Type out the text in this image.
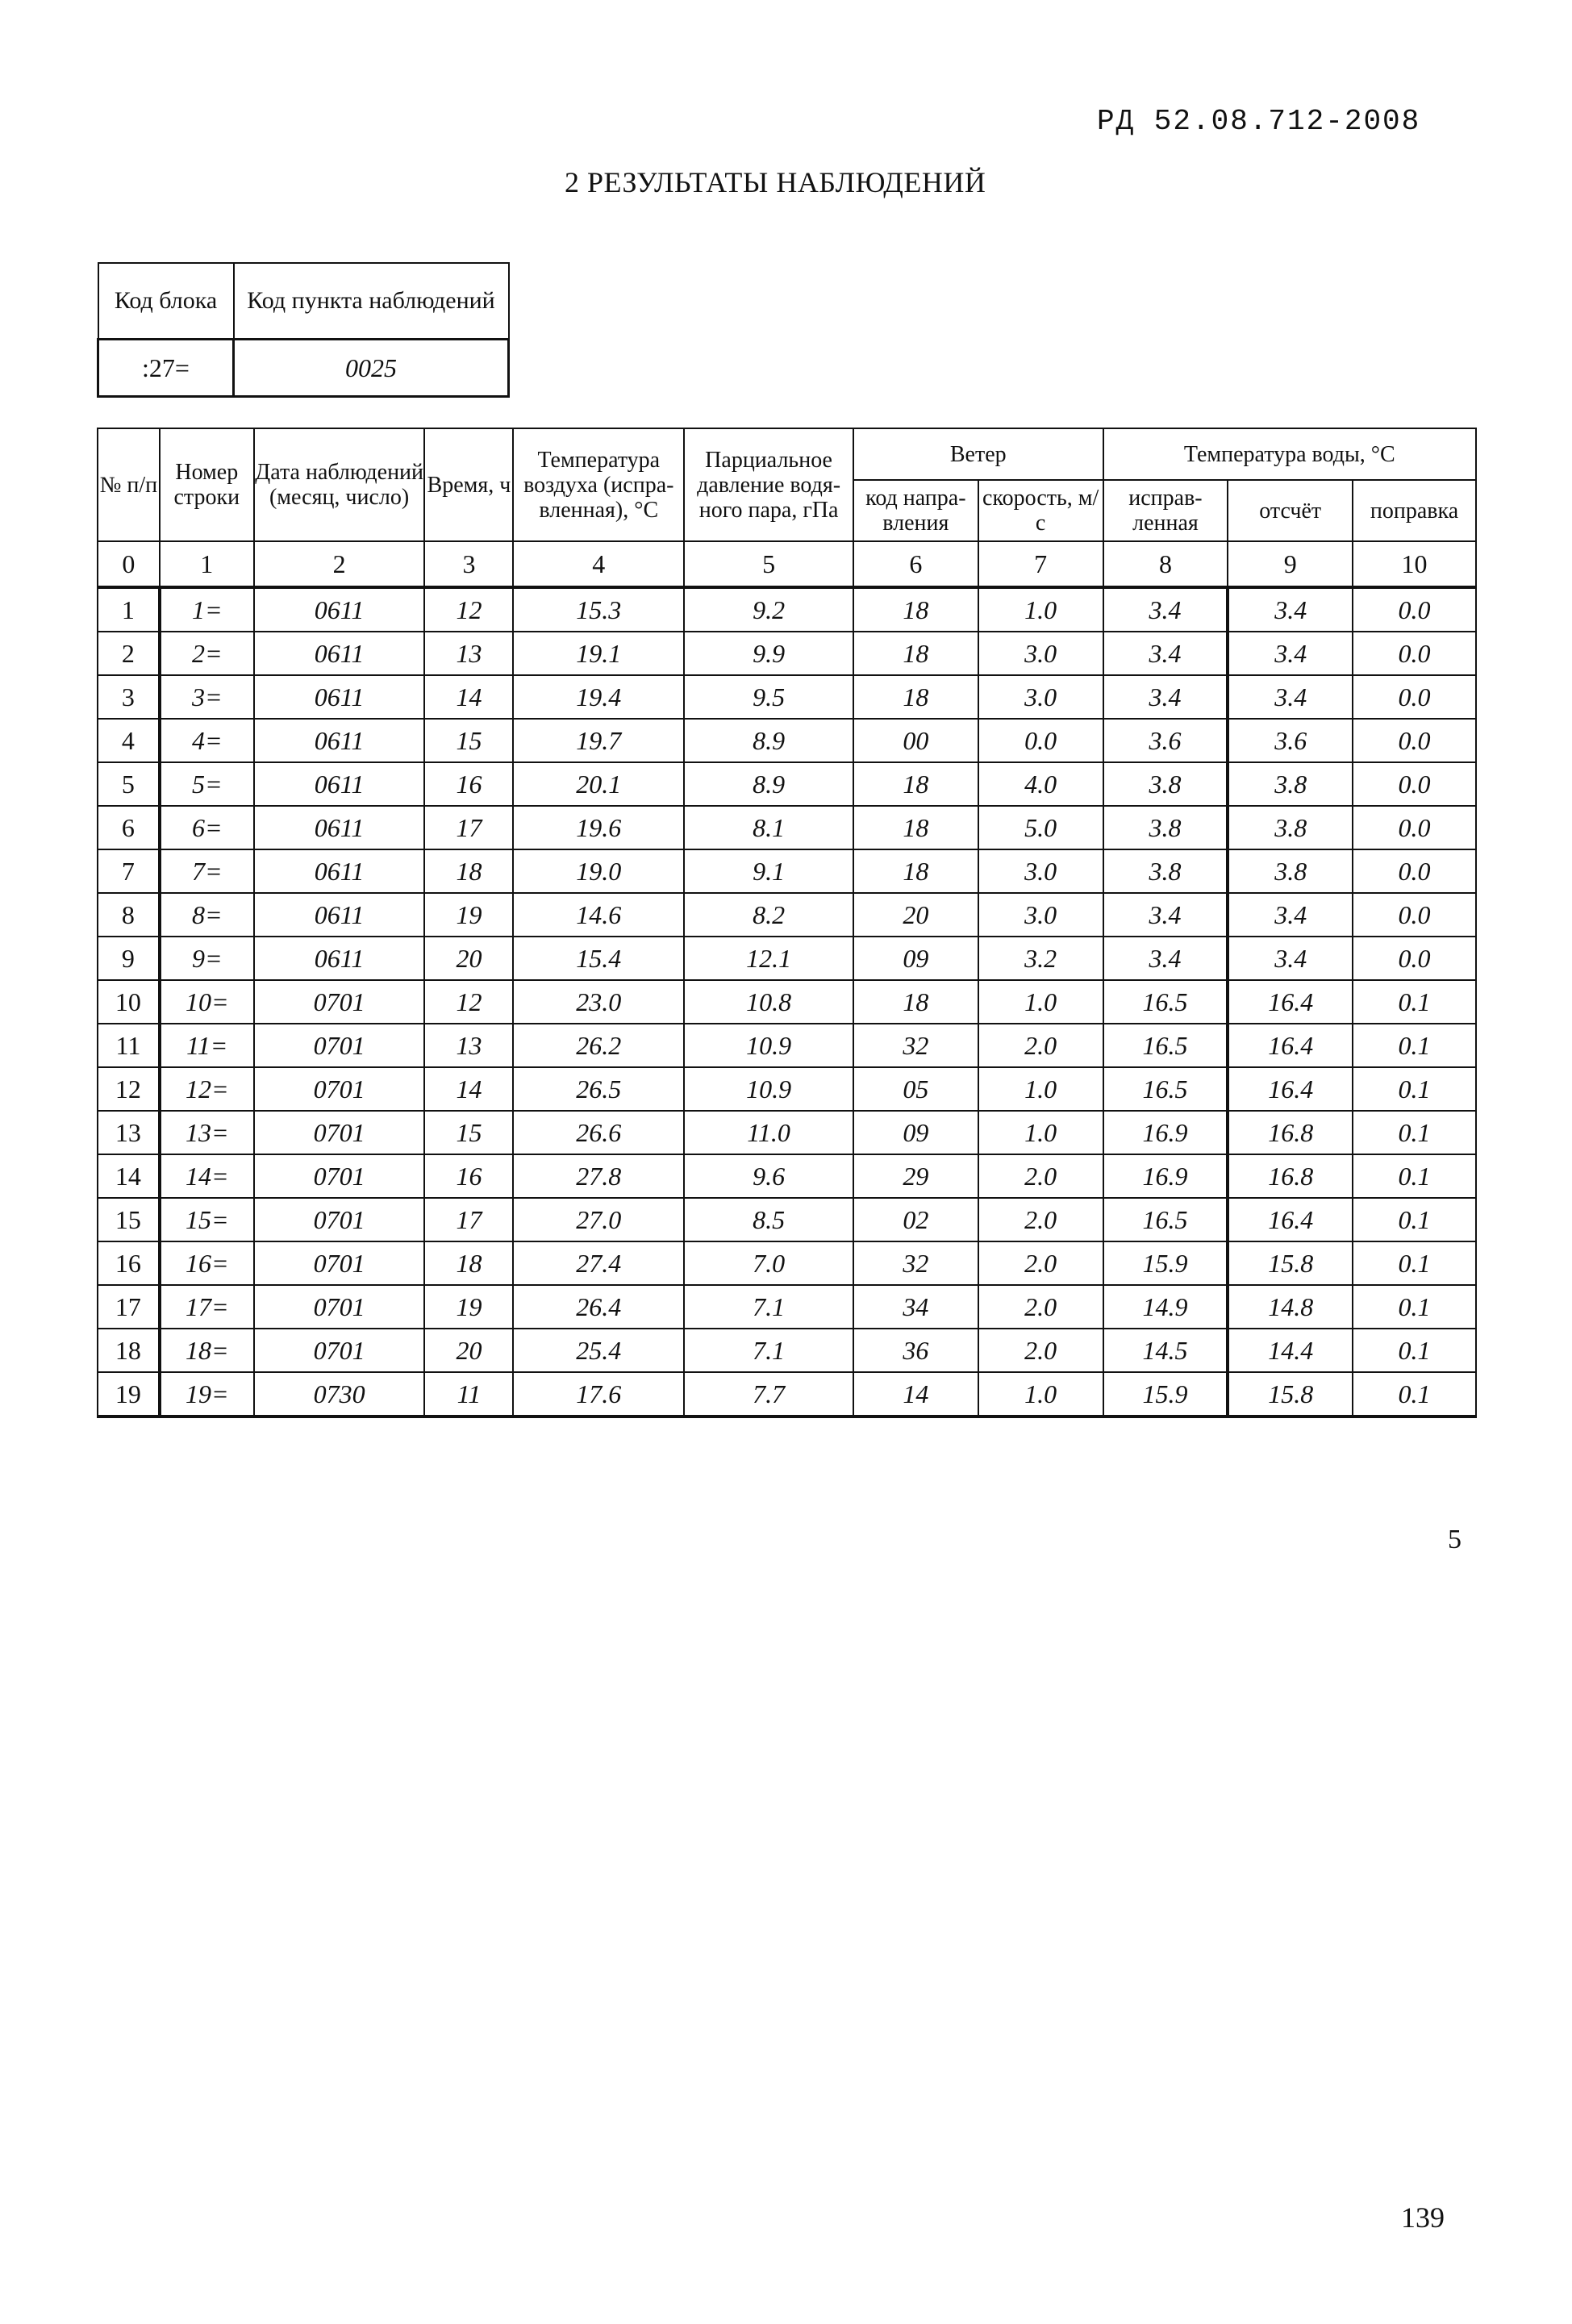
РД 52.08.712-2008
2 РЕЗУЛЬТАТЫ НАБЛЮДЕНИЙ
Код блока	Код пункта наблюдений
:27=	0025
№ п/п	Номер строки	Дата наблюдений (месяц, число)	Время, ч	Температура воздуха (испра-вленная), °С	Парциальное давление водя-ного пара, гПа	Ветер		Температура воды, °С		
						код напра-вления	скорость, м/с	исправ-ленная	отсчёт	поправка
0	1	2	3	4	5	6	7	8	9	10
1	1=	0611	12	15.3	9.2	18	1.0	3.4	3.4	0.0
2	2=	0611	13	19.1	9.9	18	3.0	3.4	3.4	0.0
3	3=	0611	14	19.4	9.5	18	3.0	3.4	3.4	0.0
4	4=	0611	15	19.7	8.9	00	0.0	3.6	3.6	0.0
5	5=	0611	16	20.1	8.9	18	4.0	3.8	3.8	0.0
6	6=	0611	17	19.6	8.1	18	5.0	3.8	3.8	0.0
7	7=	0611	18	19.0	9.1	18	3.0	3.8	3.8	0.0
8	8=	0611	19	14.6	8.2	20	3.0	3.4	3.4	0.0
9	9=	0611	20	15.4	12.1	09	3.2	3.4	3.4	0.0
10	10=	0701	12	23.0	10.8	18	1.0	16.5	16.4	0.1
11	11=	0701	13	26.2	10.9	32	2.0	16.5	16.4	0.1
12	12=	0701	14	26.5	10.9	05	1.0	16.5	16.4	0.1
13	13=	0701	15	26.6	11.0	09	1.0	16.9	16.8	0.1
14	14=	0701	16	27.8	9.6	29	2.0	16.9	16.8	0.1
15	15=	0701	17	27.0	8.5	02	2.0	16.5	16.4	0.1
16	16=	0701	18	27.4	7.0	32	2.0	15.9	15.8	0.1
17	17=	0701	19	26.4	7.1	34	2.0	14.9	14.8	0.1
18	18=	0701	20	25.4	7.1	36	2.0	14.5	14.4	0.1
19	19=	0730	11	17.6	7.7	14	1.0	15.9	15.8	0.1
5
139
